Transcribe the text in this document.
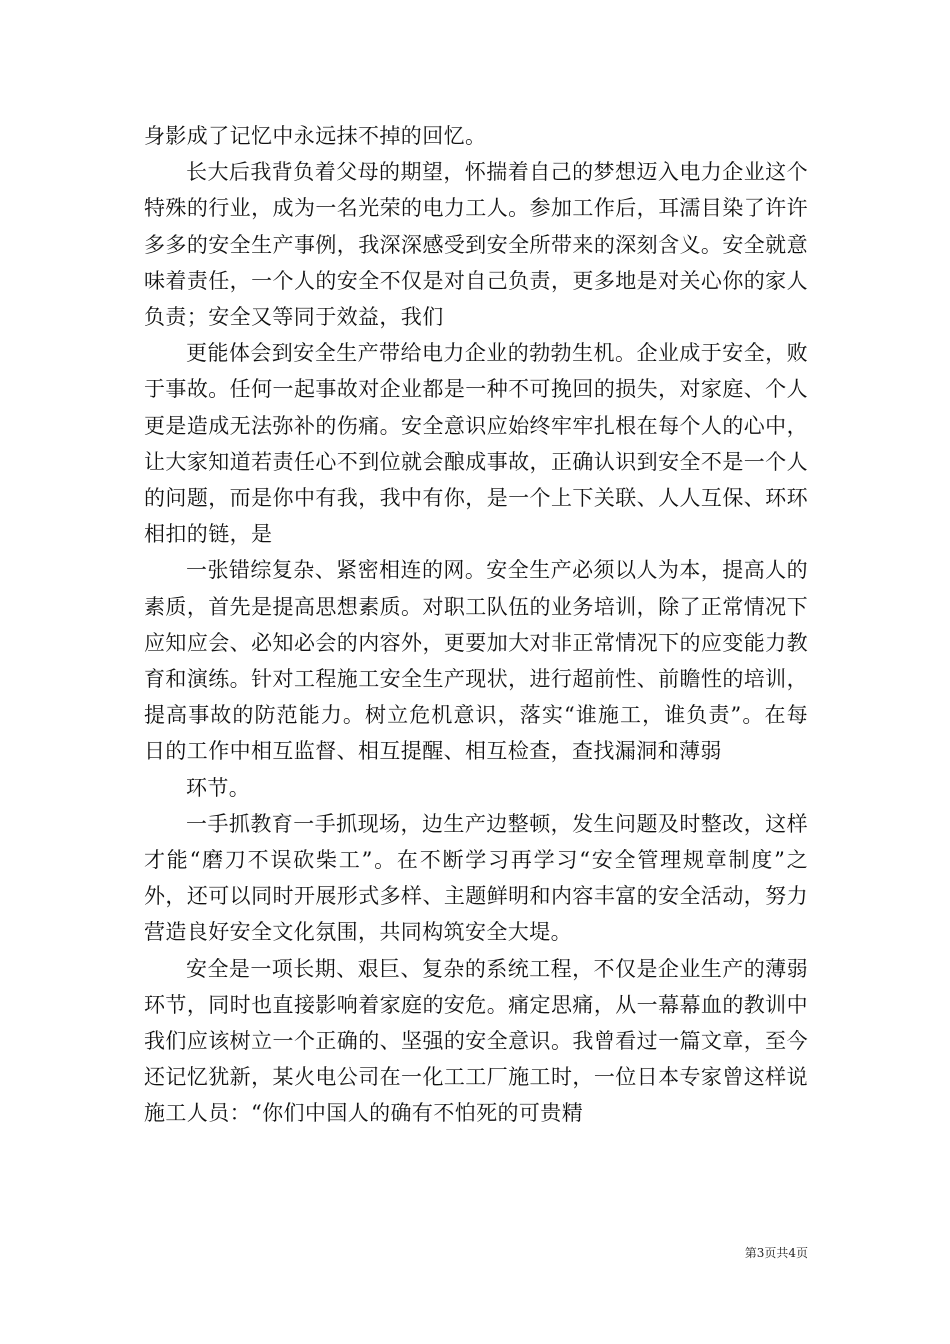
身影成了记忆中永远抹不掉的回忆。

长大后我背负着父母的期望，怀揣着自己的梦想迈入电力企业这个特殊的行业，成为一名光荣的电力工人。参加工作后，耳濡目染了许许多多的安全生产事例，我深深感受到安全所带来的深刻含义。安全就意味着责任，一个人的安全不仅是对自己负责，更多地是对关心你的家人负责；安全又等同于效益，我们

更能体会到安全生产带给电力企业的勃勃生机。企业成于安全，败于事故。任何一起事故对企业都是一种不可挽回的损失，对家庭、个人更是造成无法弥补的伤痛。安全意识应始终牢牢扎根在每个人的心中，让大家知道若责任心不到位就会酿成事故，正确认识到安全不是一个人的问题，而是你中有我，我中有你，是一个上下关联、人人互保、环环相扣的链，是

一张错综复杂、紧密相连的网。安全生产必须以人为本，提高人的素质，首先是提高思想素质。对职工队伍的业务培训，除了正常情况下应知应会、必知必会的内容外，更要加大对非正常情况下的应变能力教育和演练。针对工程施工安全生产现状，进行超前性、前瞻性的培训，提高事故的防范能力。树立危机意识，落实“谁施工，谁负责”。在每日的工作中相互监督、相互提醒、相互检查，查找漏洞和薄弱

环节。

一手抓教育一手抓现场，边生产边整顿，发生问题及时整改，这样才能“磨刀不误砍柴工”。在不断学习再学习“安全管理规章制度”之外，还可以同时开展形式多样、主题鲜明和内容丰富的安全活动，努力营造良好安全文化氛围，共同构筑安全大堤。

安全是一项长期、艰巨、复杂的系统工程，不仅是企业生产的薄弱环节，同时也直接影响着家庭的安危。痛定思痛，从一幕幕血的教训中我们应该树立一个正确的、坚强的安全意识。我曾看过一篇文章，至今还记忆犹新，某火电公司在一化工工厂施工时，一位日本专家曾这样说施工人员：“你们中国人的确有不怕死的可贵精

第3页共4页
